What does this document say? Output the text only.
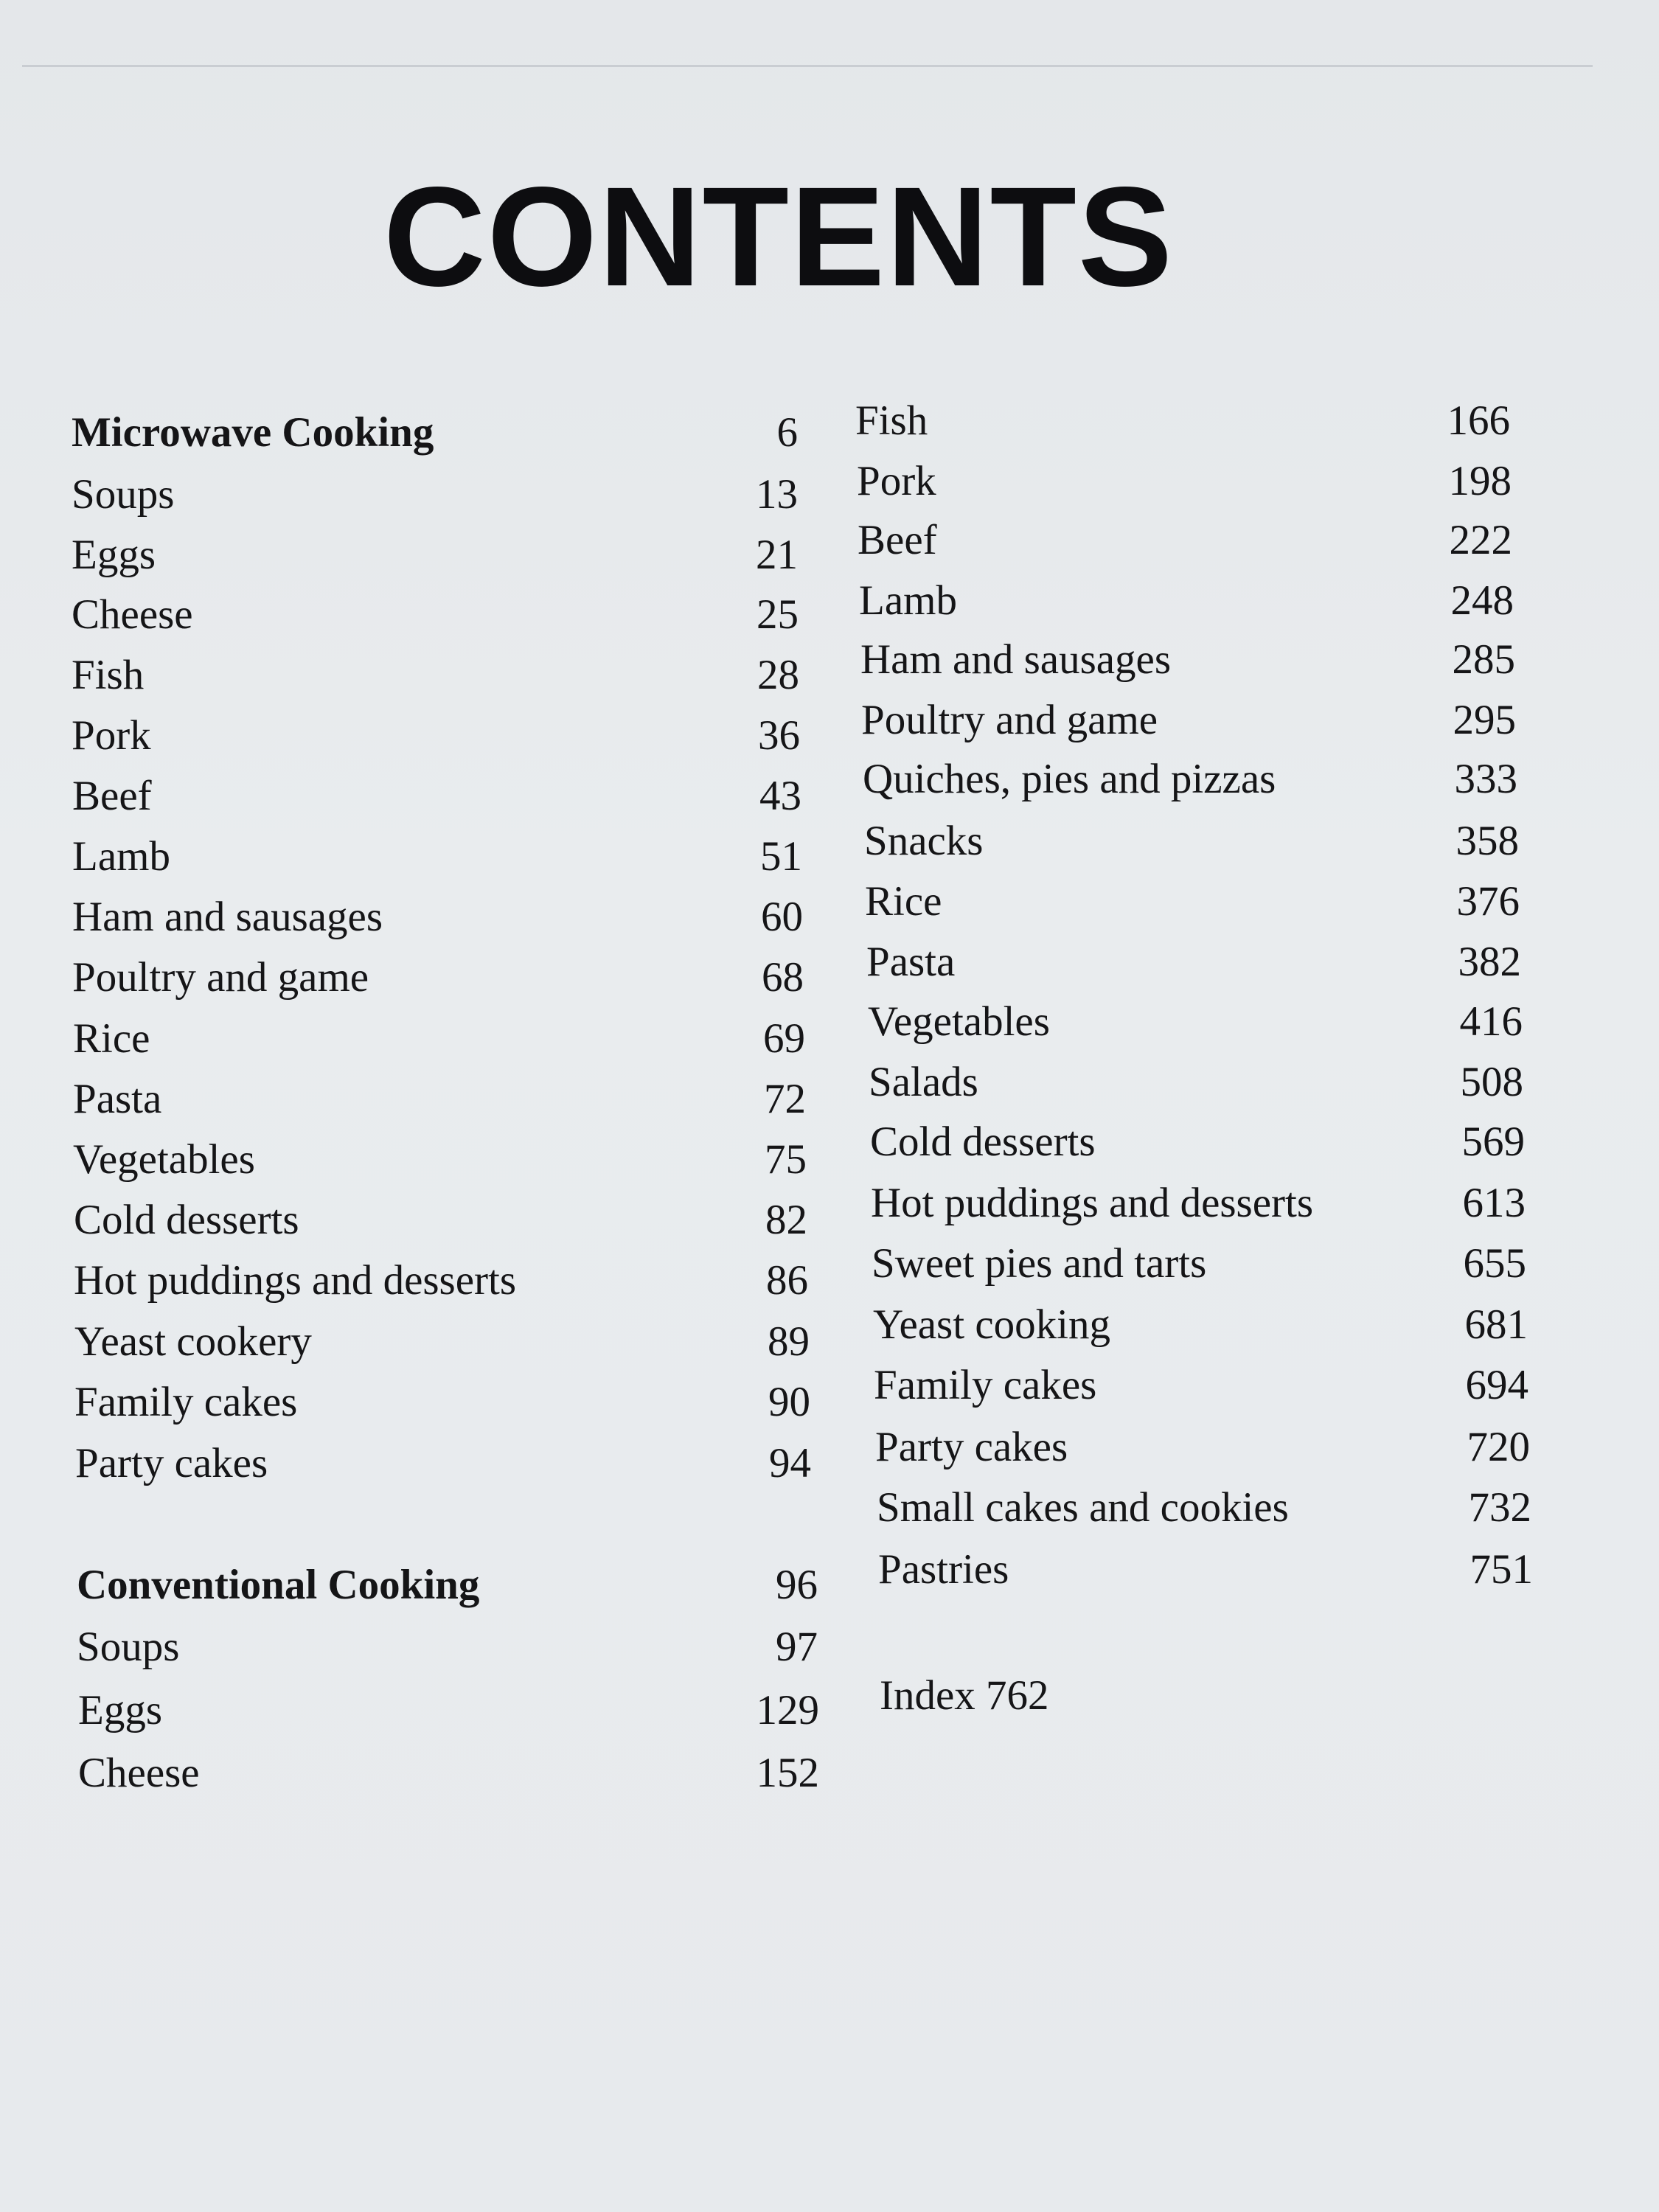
CONTENTS
Microwave Cooking	6
Soups	13
Eggs	21
Cheese	25
Fish	28
Pork	36
Beef	43
Lamb	51
Ham and sausages	60
Poultry and game	68
Rice	69
Pasta	72
Vegetables	75
Cold desserts	82
Hot puddings and desserts	86
Yeast cookery	89
Family cakes	90
Party cakes	94
Conventional Cooking	96
Soups	97
Eggs	129
Cheese	152
Fish	166
Pork	198
Beef	222
Lamb	248
Ham and sausages	285
Poultry and game	295
Quiches, pies and pizzas	333
Snacks	358
Rice	376
Pasta	382
Vegetables	416
Salads	508
Cold desserts	569
Hot puddings and desserts	613
Sweet pies and tarts	655
Yeast cooking	681
Family cakes	694
Party cakes	720
Small cakes and cookies	732
Pastries	751
Index 762
